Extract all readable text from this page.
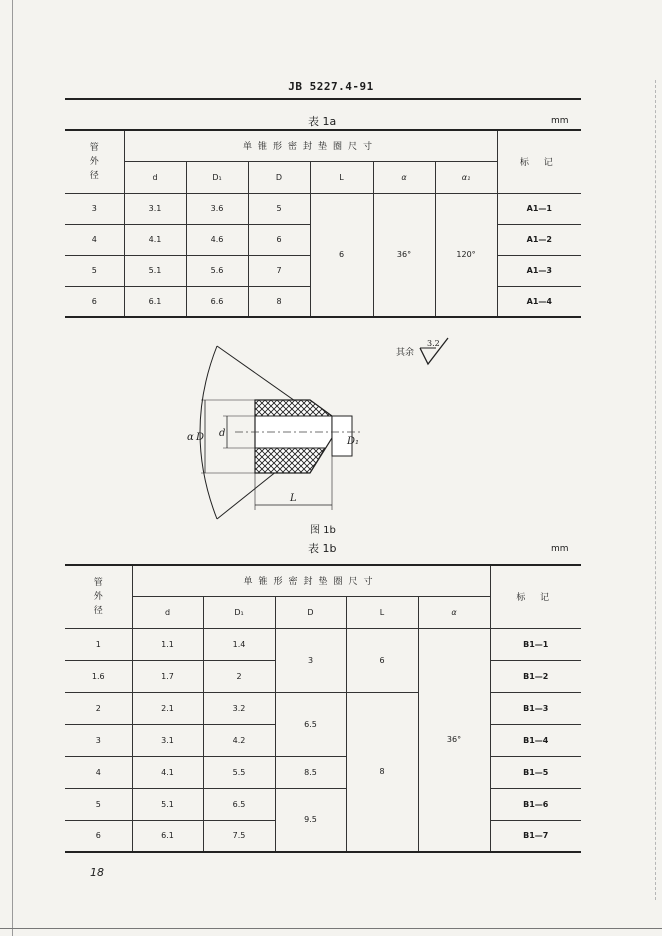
JB 5227.4-91
表 1a	mm
管
外
径	单锥形密封垫圈尺寸						标 记
	d	D₁	D	L	α	α₁	
3	3.1	3.6	5	6	36°	120°	A1—1
4	4.1	4.6	6				A1—2
5	5.1	5.6	7				A1—3
6	6.1	6.6	8				A1—4
其余
3.2
α D d
D₁
L
图 1b
表 1b	mm
管
外
径	单锥形密封垫圈尺寸					标 记
	d	D₁	D	L	α	
1	1.1	1.4	3	6	36°	B1—1
1.6	1.7	2				B1—2
2	2.1	3.2	6.5	8		B1—3
3	3.1	4.2				B1—4
4	4.1	5.5	8.5			B1—5
5	5.1	6.5	9.5			B1—6
6	6.1	7.5				B1—7
18
